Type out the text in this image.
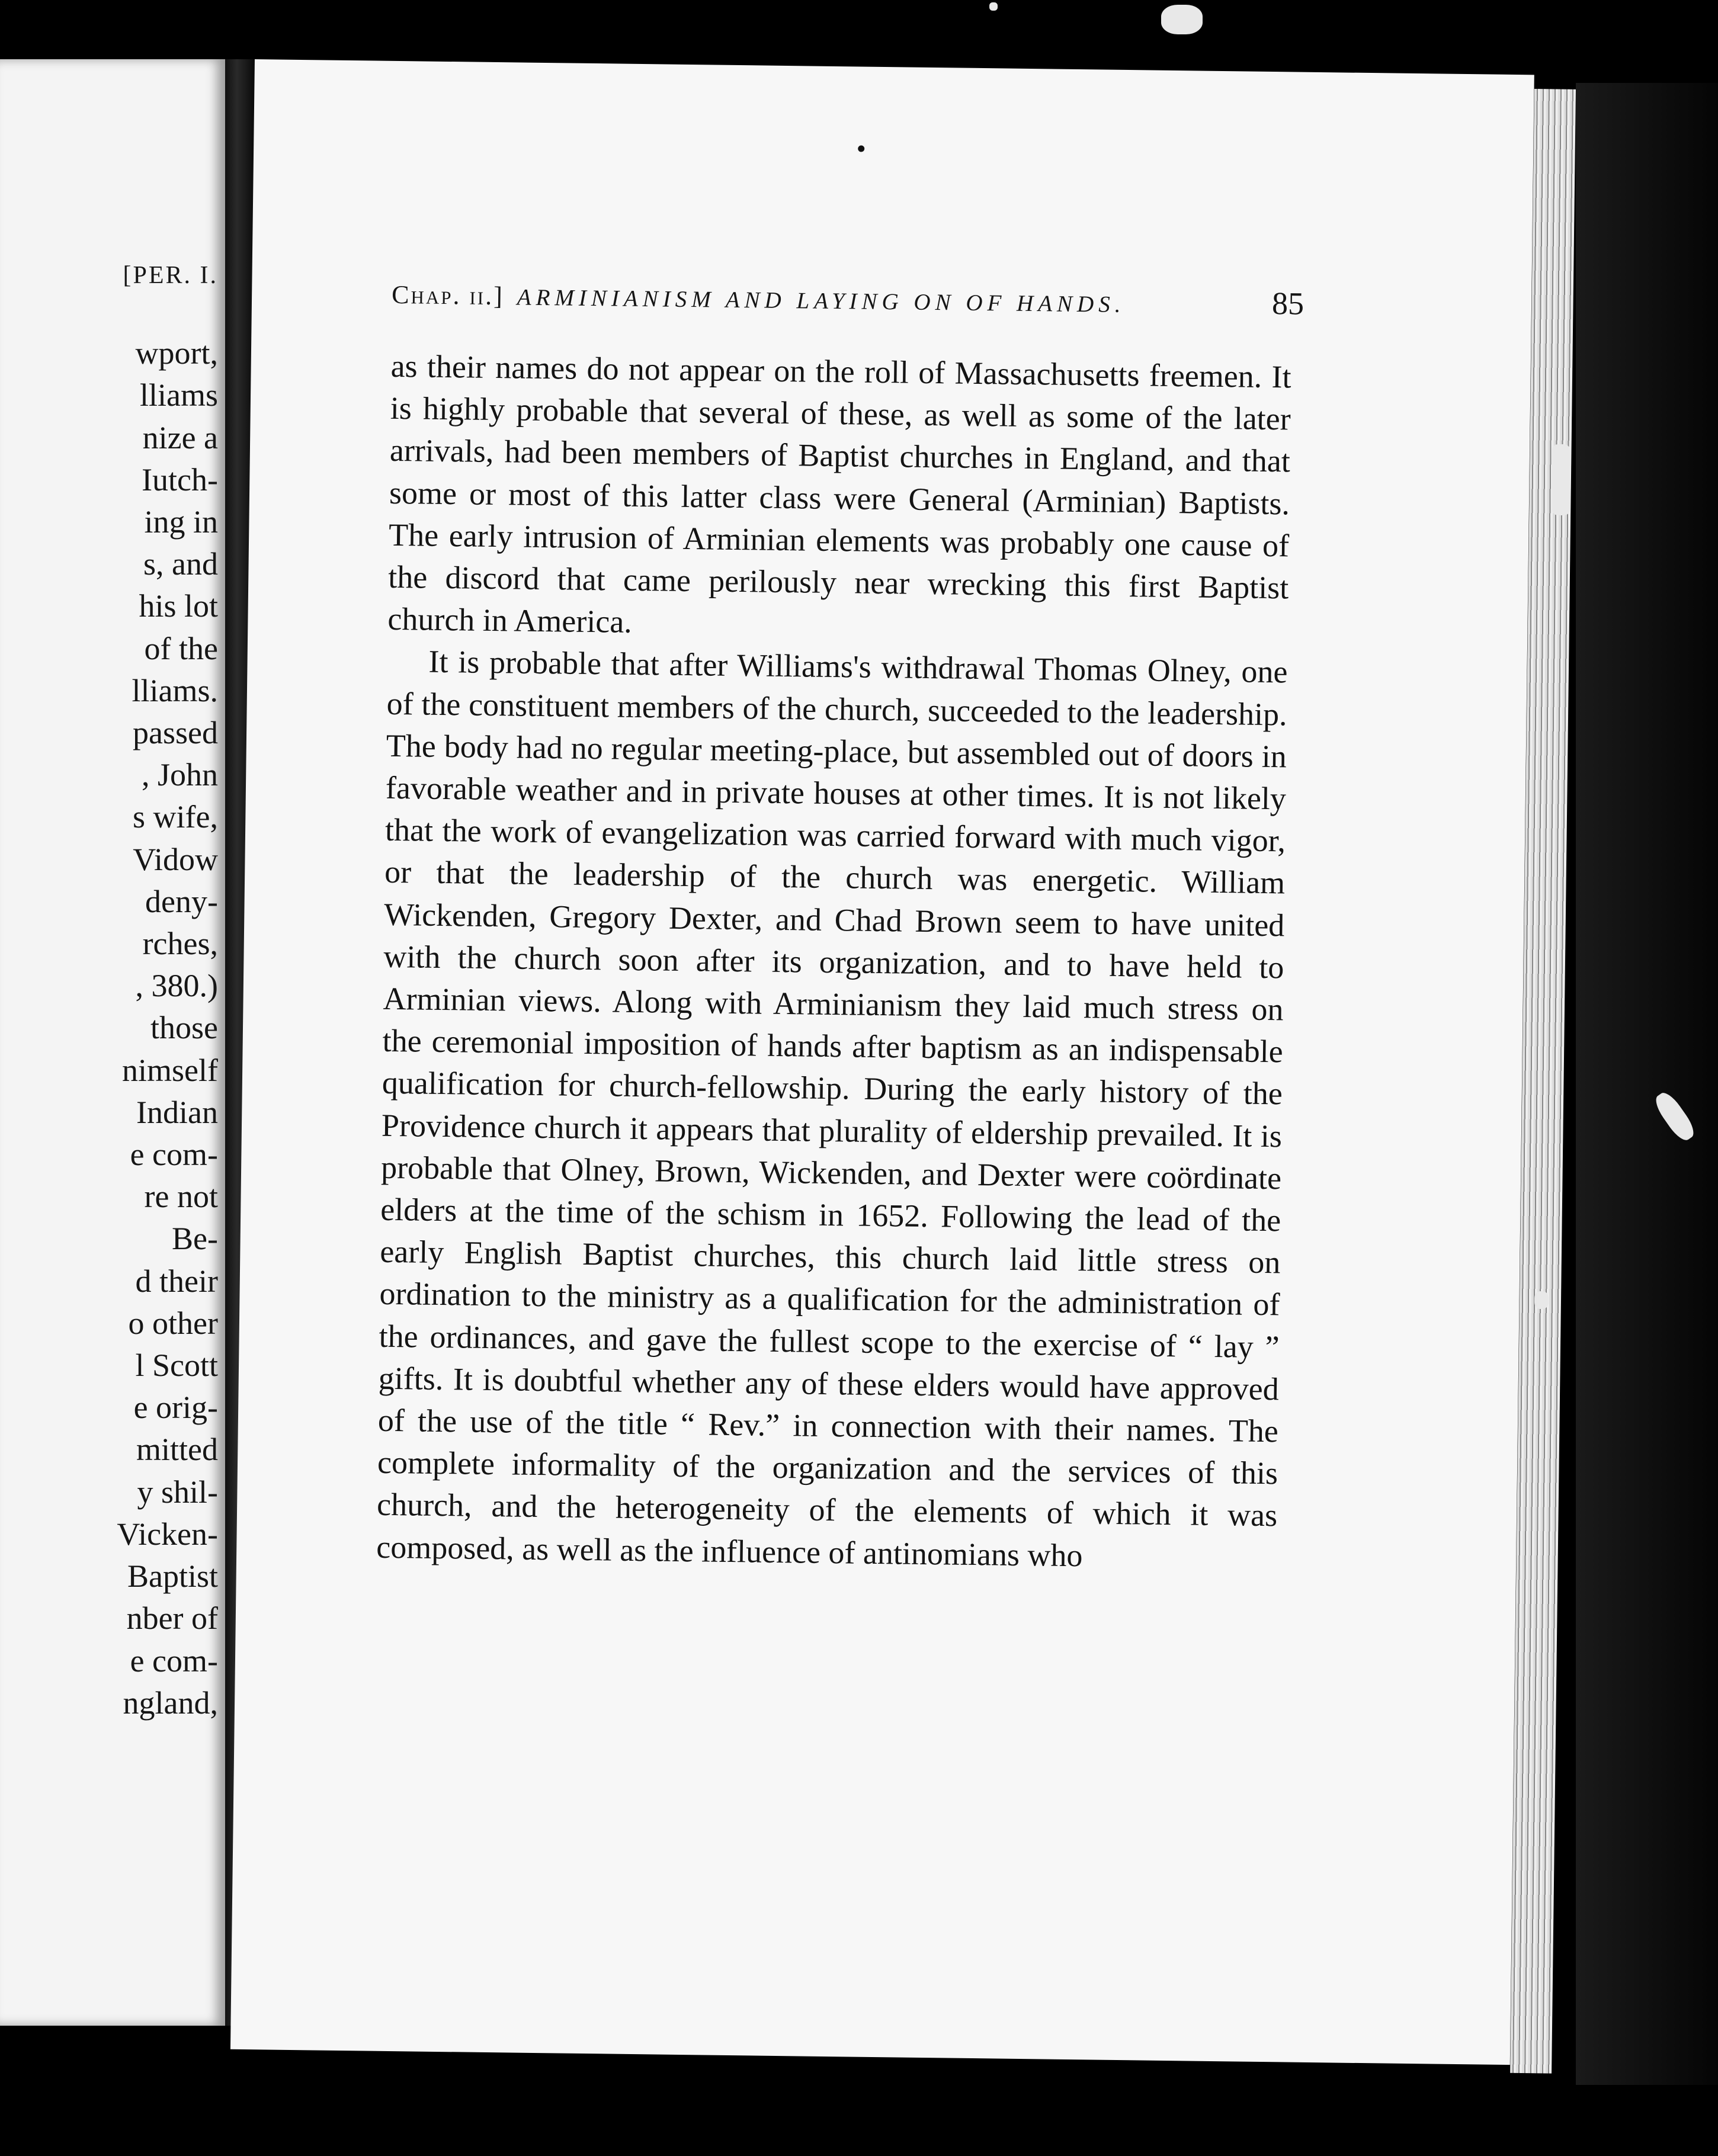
[PER. I.
wport,
lliams
nize a
Iutch-
ing in
s, and
his lot
of the
lliams.
passed
, John
s wife,
Vidow
deny-
rches,
, 380.)
those
nimself
Indian
e com-
re not
Be-
d their
o other
l Scott
e orig-
mitted
y shil-
Vicken-
Baptist
nber of
e com-
ngland,
Chap. ii.] ARMINIANISM AND LAYING ON OF HANDS.	85

as their names do not appear on the roll of Massachusetts freemen. It is highly probable that several of these, as well as some of the later arrivals, had been members of Baptist churches in England, and that some or most of this latter class were General (Arminian) Baptists. The early intrusion of Arminian elements was probably one cause of the discord that came perilously near wrecking this first Baptist church in America.

It is probable that after Williams's withdrawal Thomas Olney, one of the constituent members of the church, succeeded to the leadership. The body had no regular meeting-place, but assembled out of doors in favorable weather and in private houses at other times. It is not likely that the work of evangelization was carried forward with much vigor, or that the leadership of the church was energetic. William Wickenden, Gregory Dexter, and Chad Brown seem to have united with the church soon after its organization, and to have held to Arminian views. Along with Arminianism they laid much stress on the ceremonial imposition of hands after baptism as an indispensable qualification for church-fellowship. During the early history of the Providence church it appears that plurality of eldership prevailed. It is probable that Olney, Brown, Wickenden, and Dexter were coördinate elders at the time of the schism in 1652. Following the lead of the early English Baptist churches, this church laid little stress on ordination to the ministry as a qualification for the administration of the ordinances, and gave the fullest scope to the exercise of “ lay ” gifts. It is doubtful whether any of these elders would have approved of the use of the title “ Rev.” in connection with their names. The complete informality of the organization and the services of this church, and the heterogeneity of the elements of which it was composed, as well as the influence of antinomians who
